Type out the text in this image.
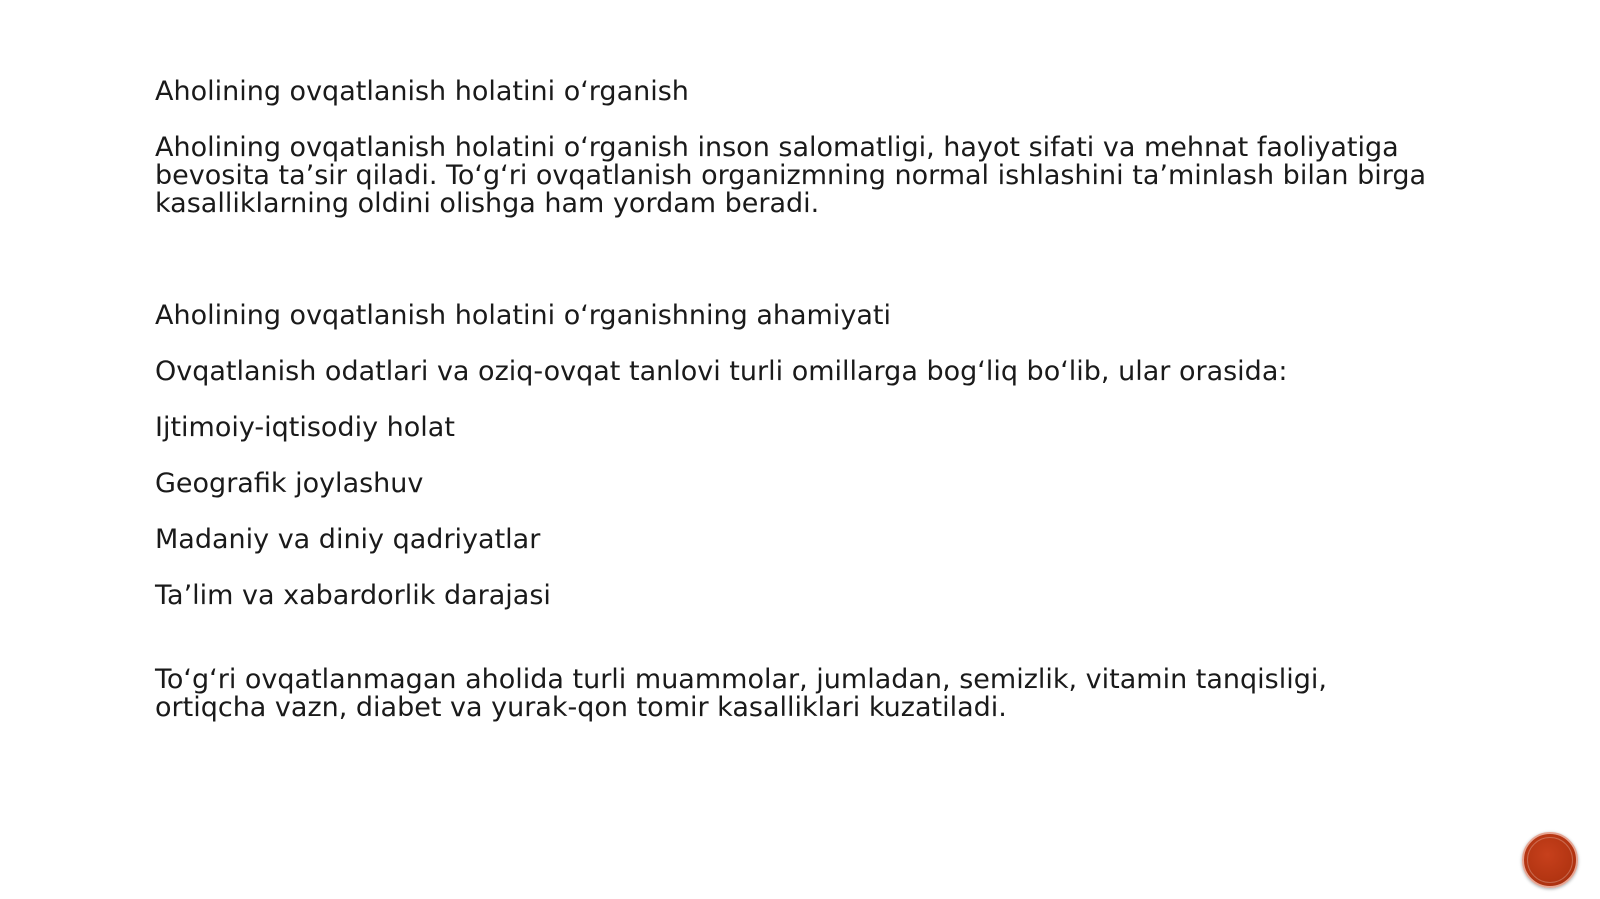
Aholining ovqatlanish holatini o‘rganish

Aholining ovqatlanish holatini o‘rganish inson salomatligi, hayot sifati va mehnat faoliyatiga bevosita ta’sir qiladi. To‘g‘ri ovqatlanish organizmning normal ishlashini ta’minlash bilan birga kasalliklarning oldini olishga ham yordam beradi.

Aholining ovqatlanish holatini o‘rganishning ahamiyati

Ovqatlanish odatlari va oziq-ovqat tanlovi turli omillarga bog‘liq bo‘lib, ular orasida:

Ijtimoiy-iqtisodiy holat

Geografik joylashuv

Madaniy va diniy qadriyatlar

Ta’lim va xabardorlik darajasi

To‘g‘ri ovqatlanmagan aholida turli muammolar, jumladan, semizlik, vitamin tanqisligi, ortiqcha vazn, diabet va yurak-qon tomir kasalliklari kuzatiladi.
